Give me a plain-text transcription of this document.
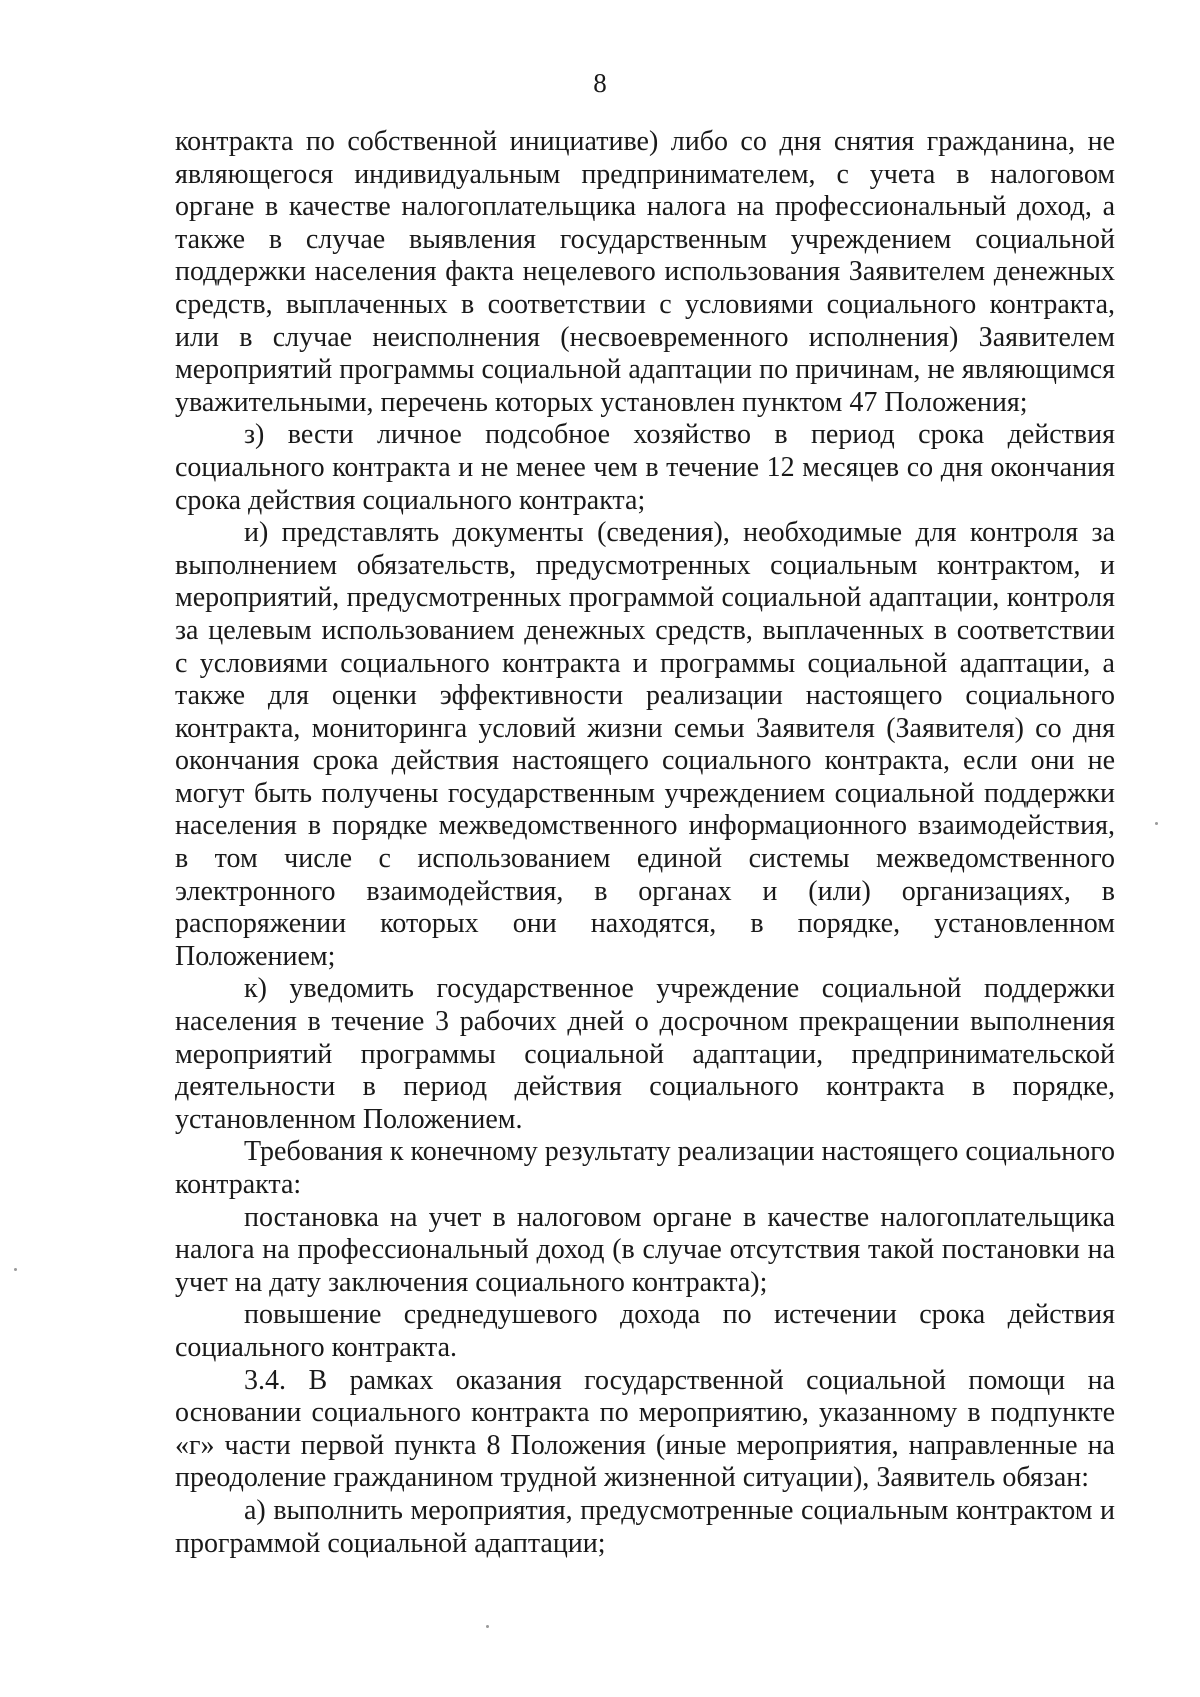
8

контракта по собственной инициативе) либо со дня снятия гражданина, не являющегося индивидуальным предпринимателем, с учета в налоговом органе в качестве налогоплательщика налога на профессиональный доход, а также в случае выявления государственным учреждением социальной поддержки населения факта нецелевого использования Заявителем денежных средств, выплаченных в соответствии с условиями социального контракта, или в случае неисполнения (несвоевременного исполнения) Заявителем мероприятий программы социальной адаптации по причинам, не являющимся уважительными, перечень которых установлен пунктом 47 Положения;

з) вести личное подсобное хозяйство в период срока действия социального контракта и не менее чем в течение 12 месяцев со дня окончания срока действия социального контракта;

и) представлять документы (сведения), необходимые для контроля за выполнением обязательств, предусмотренных социальным контрактом, и мероприятий, предусмотренных программой социальной адаптации, контроля за целевым использованием денежных средств, выплаченных в соответствии с условиями социального контракта и программы социальной адаптации, а также для оценки эффективности реализации настоящего социального контракта, мониторинга условий жизни семьи Заявителя (Заявителя) со дня окончания срока действия настоящего социального контракта, если они не могут быть получены государственным учреждением социальной поддержки населения в порядке межведомственного информационного взаимодействия, в том числе с использованием единой системы межведомственного электронного взаимодействия, в органах и (или) организациях, в распоряжении которых они находятся, в порядке, установленном Положением;

к) уведомить государственное учреждение социальной поддержки населения в течение 3 рабочих дней о досрочном прекращении выполнения мероприятий программы социальной адаптации, предпринимательской деятельности в период действия социального контракта в порядке, установленном Положением.

Требования к конечному результату реализации настоящего социального контракта:

постановка на учет в налоговом органе в качестве налогоплательщика налога на профессиональный доход (в случае отсутствия такой постановки на учет на дату заключения социального контракта);

повышение среднедушевого дохода по истечении срока действия социального контракта.

3.4. В рамках оказания государственной социальной помощи на основании социального контракта по мероприятию, указанному в подпункте «г» части первой пункта 8 Положения (иные мероприятия, направленные на преодоление гражданином трудной жизненной ситуации), Заявитель обязан:

а) выполнить мероприятия, предусмотренные социальным контрактом и программой социальной адаптации;
